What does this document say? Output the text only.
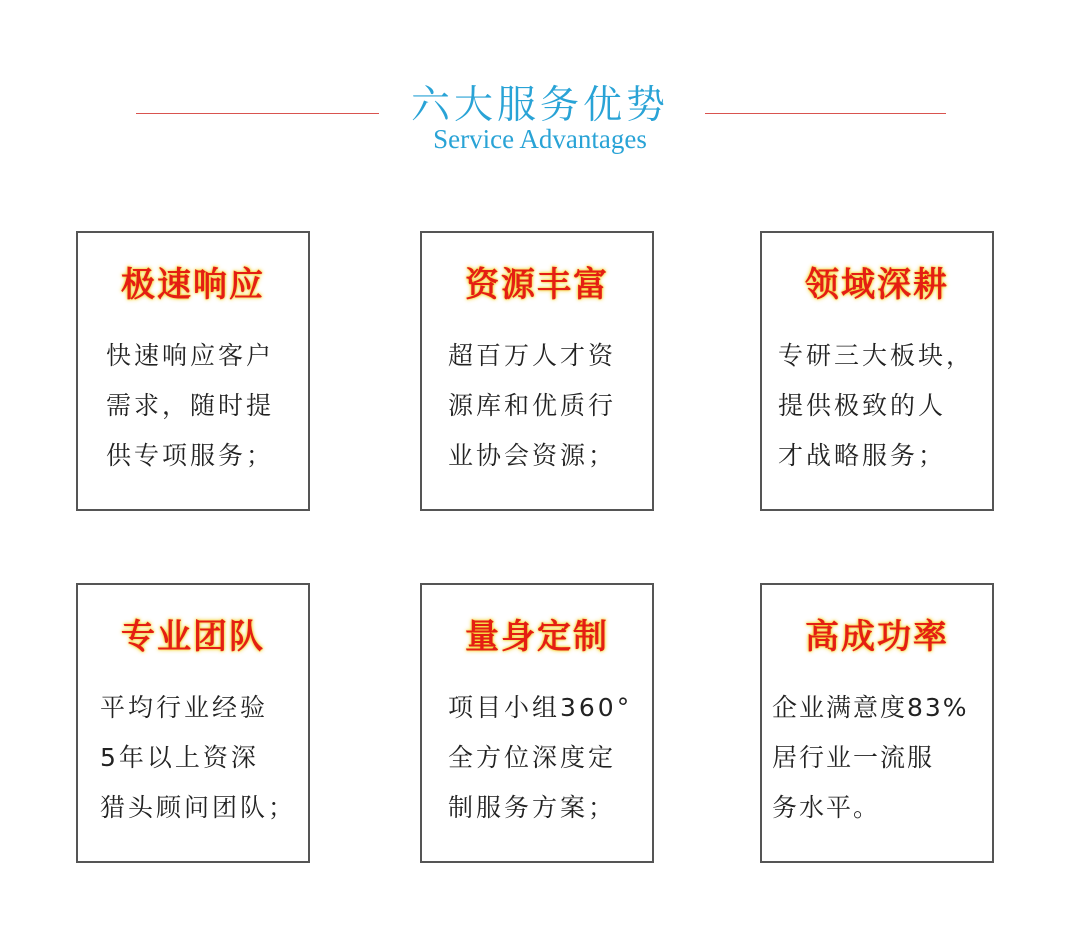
六大服务优势
Service Advantages
极速响应
快速响应客户
需求，随时提
供专项服务；
资源丰富
超百万人才资
源库和优质行
业协会资源；
领域深耕
专研三大板块，
提供极致的人
才战略服务；
专业团队
平均行业经验
5年以上资深
猎头顾问团队；
量身定制
项目小组360°
全方位深度定
制服务方案；
高成功率
企业满意度83%
居行业一流服
务水平。
